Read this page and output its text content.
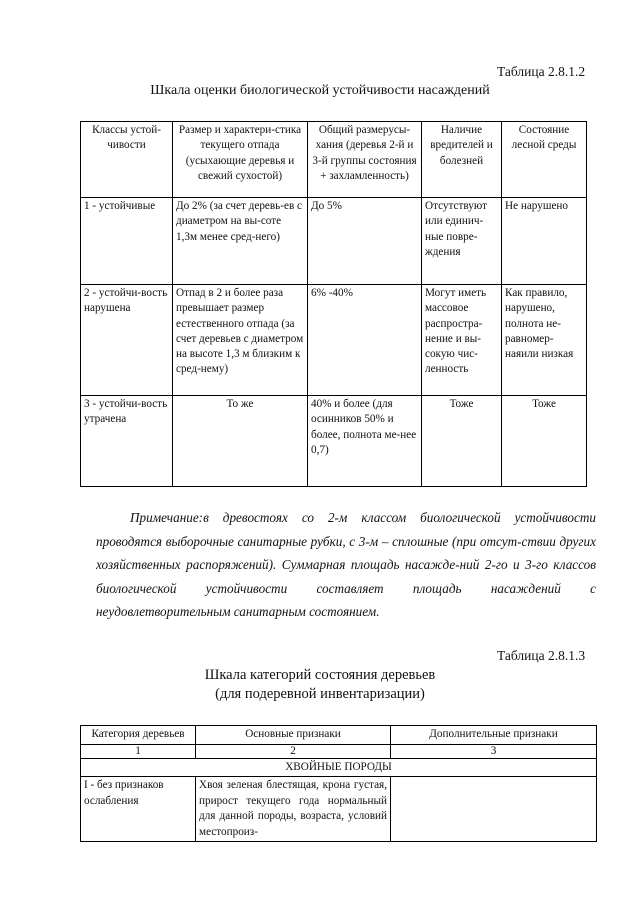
Таблица 2.8.1.2
Шкала оценки биологической устойчивости насаждений
Классы устой-чивости	Размер и характери-стика текущего отпада (усыхающие деревья и свежий сухостой)	Общий размерусы-хания (деревья 2-й и 3-й группы состояния + захламленность)	Наличие вредителей и болезней	Состояние лесной среды
1 - устойчивые	До 2% (за счет деревь-ев с диаметром на вы-соте 1,3м менее сред-него)	До 5%	Отсутствуют или единич-ные повре-ждения	Не нарушено
2 - устойчи-вость нарушена	Отпад в 2 и более раза превышает размер естественного отпада (за счет деревьев с диаметром на высоте 1,3 м близким к сред-нему)	6% -40%	Могут иметь массовое распростра-нение и вы-сокую чис-ленность	Как правило, нарушено, полнота не-равномер-наяили низкая
3 - устойчи-вость утрачена	То же	40% и более (для осинников 50% и более, полнота ме-нее 0,7)	Тоже	Тоже
Примечание:в древостоях со 2-м классом биологической устойчивости проводятся выборочные санитарные рубки, с 3-м – сплошные (при отсут-ствии других хозяйственных распоряжений). Суммарная площадь насажде-ний 2-го и 3-го классов биологической устойчивости составляет площадь насаждений с неудовлетворительным санитарным состоянием.
Таблица 2.8.1.3
Шкала категорий состояния деревьев
(для подеревной инвентаризации)
Категория деревьев	Основные признаки	Дополнительные признаки
1	2	3
ХВОЙНЫЕ ПОРОДЫ		
I - без признаков ослабления	Хвоя зеленая блестящая, крона густая, прирост текущего года нормальный для данной породы, возраста, условий местопроиз-	
